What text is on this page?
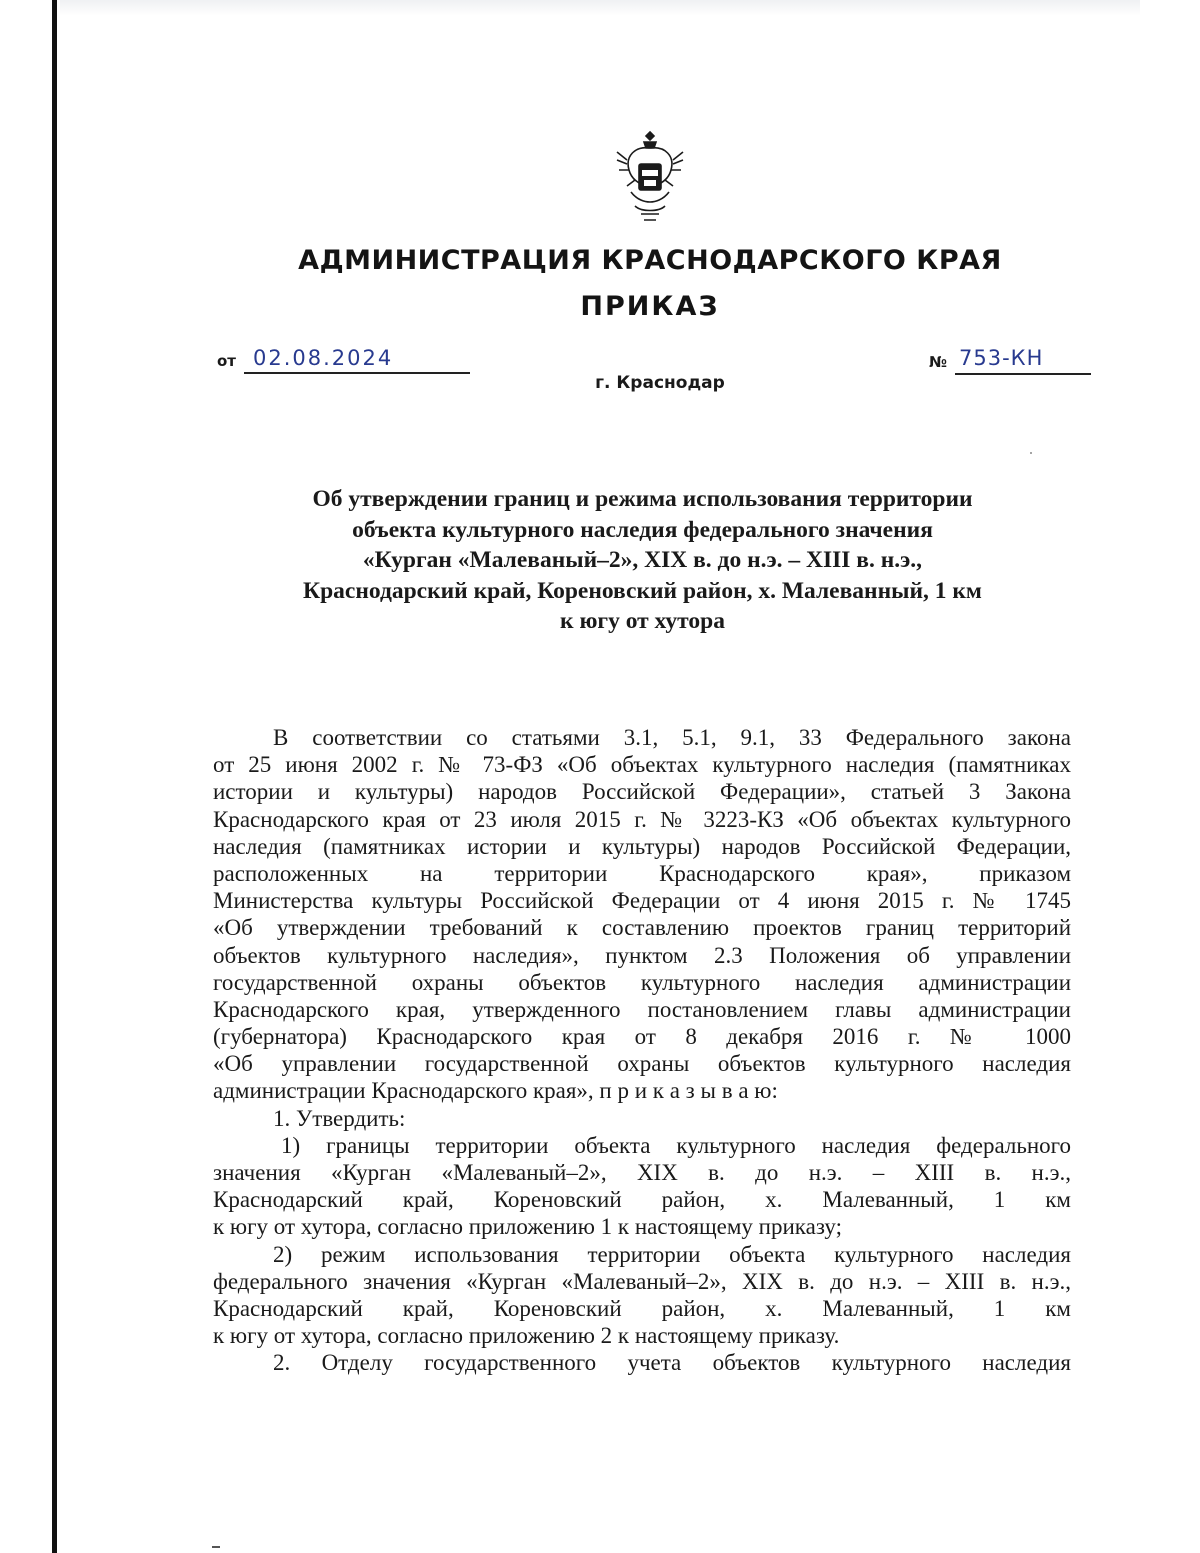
АДМИНИСТРАЦИЯ КРАСНОДАРСКОГО КРАЯ
ПРИКАЗ
от 02.08.2024
г. Краснодар
№ 753-КН
Об утверждении границ и режима использования территории
объекта культурного наследия федерального значения
«Курган «Малеваный–2», XIX в. до н.э. – XIII в. н.э.,
Краснодарский край, Кореновский район, х. Малеванный, 1 км
к югу от хутора
В соответствии со статьями 3.1, 5.1, 9.1, 33 Федерального закона
от 25 июня 2002 г. № 73-ФЗ «Об объектах культурного наследия (памятниках
истории и культуры) народов Российской Федерации», статьей 3 Закона
Краснодарского края от 23 июля 2015 г. № 3223-КЗ «Об объектах культурного
наследия (памятниках истории и культуры) народов Российской Федерации,
расположенных на территории Краснодарского края», приказом
Министерства культуры Российской Федерации от 4 июня 2015 г. № 1745
«Об утверждении требований к составлению проектов границ территорий
объектов культурного наследия», пунктом 2.3 Положения об управлении
государственной охраны объектов культурного наследия администрации
Краснодарского края, утвержденного постановлением главы администрации
(губернатора) Краснодарского края от 8 декабря 2016 г. № 1000
«Об управлении государственной охраны объектов культурного наследия
администрации Краснодарского края», п р и к а з ы в а ю:
1. Утвердить:
1) границы территории объекта культурного наследия федерального
значения «Курган «Малеваный–2», XIX в. до н.э. – XIII в. н.э.,
Краснодарский край, Кореновский район, х. Малеванный, 1 км
к югу от хутора, согласно приложению 1 к настоящему приказу;
2) режим использования территории объекта культурного наследия
федерального значения «Курган «Малеваный–2», XIX в. до н.э. – XIII в. н.э.,
Краснодарский край, Кореновский район, х. Малеванный, 1 км
к югу от хутора, согласно приложению 2 к настоящему приказу.
2. Отделу государственного учета объектов культурного наследия
